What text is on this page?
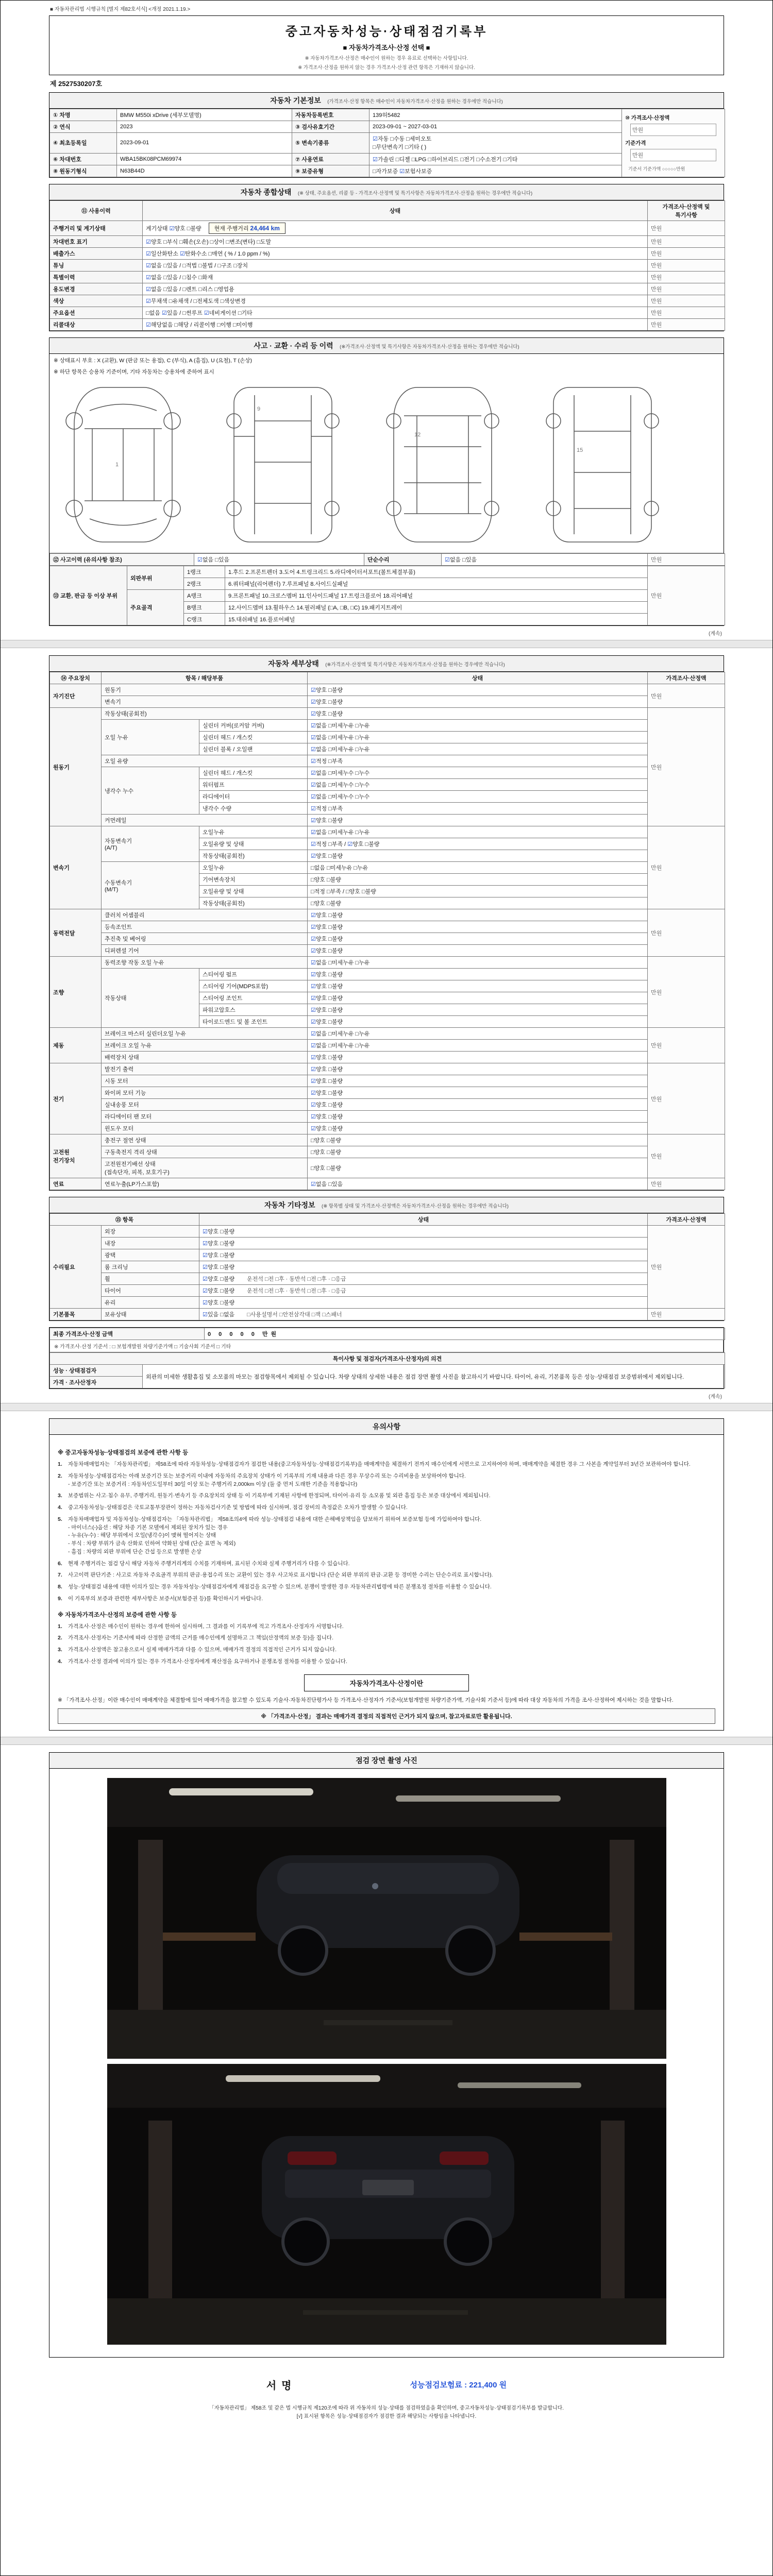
■ 자동차관리법 시행규칙 [별지 제82호서식] <개정 2021.1.19.>
중고자동차성능·상태점검기록부
■ 자동차가격조사·산정 선택 ■
※ 자동차가격조사·산정은 매수인이 원하는 경우 유료로 선택하는 사항입니다.
※ 가격조사·산정을 원하지 않는 경우 가격조사·산정 관련 항목은 기재하지 않습니다.
제 2527530207호
자동차 기본정보 (가격조사·산정 항목은 매수인이 자동차가격조사·산정을 원하는 경우에만 적습니다)
① 차명	BMW M550i xDrive (세부모델명)	자동차등록번호	139허5482	⑩ 가격조사·산정액
만원
기준가격
만원
기준서 기준가액 ○○○○○만원

② 연식	2023	③ 검사유효기간	2023-09-01 ~ 2027-03-01	
④ 최초등록일	2023-09-01	⑤ 변속기종류	☑자동 □수동 □세미오토
□무단변속기 □기타 ( )	
⑥ 차대번호	WBA15BK08PCM69974	⑦ 사용연료	☑가솔린 □디젤 □LPG □하이브리드 □전기 □수소전기 □기타	
⑧ 원동기형식	N63B44D	⑨ 보증유형	□자가보증 ☑보험사보증	
자동차 종합상태 (※ 상태, 주요옵션, 리콜 등 - 가격조사·산정액 및 특기사항은 자동차가격조사·산정을 원하는 경우에만 적습니다)
⑪ 사용이력	상태	가격조사·산정액 및 특기사항
주행거리 및 계기상태	계기상태 ☑양호 □불량 현재 주행거리 24,464 km	만원
차대번호 표기	☑양호 □부식 □훼손(오손) □상이 □변조(변타) □도말	만원
배출가스	☑일산화탄소 ☑탄화수소 □매연 ( % / 1.0 ppm / %)	만원
튜닝	☑없음 □있음 / □적법 □불법 / □구조 □장치	만원
특별이력	☑없음 □있음 / □침수 □화재	만원
용도변경	☑없음 □있음 / □렌트 □리스 □영업용	만원
색상	☑무채색 □유채색 / □전체도색 □색상변경	만원
주요옵션	□없음 ☑있음 / □썬루프 ☑네비게이션 □기타	만원
리콜대상	☑해당없음 □해당 / 리콜이행 □이행 □미이행	만원
사고 · 교환 · 수리 등 이력 (※가격조사·산정액 및 특기사항은 자동차가격조사·산정을 원하는 경우에만 적습니다)
※ 상태표시 부호 : X (교환), W (판금 또는 용접), C (부식), A (흠집), U (요철), T (손상)
※ 하단 항목은 승용차 기준이며, 기타 자동차는 승용차에 준하여 표시
1
9
12
15
⑫ 사고이력 (유의사항 참조)	☑없음 □있음	단순수리	☑없음 □있음	만원
⑬ 교환, 판금 등 이상 부위	외판부위	1랭크	1.후드 2.프론트펜더 3.도어 4.트렁크리드 5.라디에이터서포트(볼트체결부품)	만원
		2랭크	6.쿼터패널(리어펜더) 7.루프패널 8.사이드실패널	
	주요골격	A랭크	9.프론트패널 10.크로스멤버 11.인사이드패널 17.트렁크플로어 18.리어패널	
		B랭크	12.사이드멤버 13.휠하우스 14.필러패널 (□A, □B, □C) 19.패키지트레이	
		C랭크	15.대쉬패널 16.플로어패널	
(계속)
자동차 세부상태 (※가격조사·산정액 및 특기사항은 자동차가격조사·산정을 원하는 경우에만 적습니다)
⑭ 주요장치	항목 / 해당부품		상태	가격조사·산정액
자기진단	원동기		☑양호 □불량	만원
	변속기		☑양호 □불량	
원동기	작동상태(공회전)		☑양호 □불량	만원
	오일 누유	실린더 커버(로커암 커버)	☑없음 □미세누유 □누유	
		실린더 헤드 / 개스킷	☑없음 □미세누유 □누유	
		실린더 블록 / 오일팬	☑없음 □미세누유 □누유	
	오일 유량		☑적정 □부족	
	냉각수 누수	실린더 헤드 / 개스킷	☑없음 □미세누수 □누수	
		워터펌프	☑없음 □미세누수 □누수	
		라디에이터	☑없음 □미세누수 □누수	
		냉각수 수량	☑적정 □부족	
	커먼레일		☑양호 □불량	
변속기	자동변속기
(A/T)	오일누유	☑없음 □미세누유 □누유	만원
		오일유량 및 상태	☑적정 □부족 / ☑양호 □불량	
		작동상태(공회전)	☑양호 □불량	
	수동변속기
(M/T)	오일누유	□없음 □미세누유 □누유	
		기어변속장치	□양호 □불량	
		오일유량 및 상태	□적정 □부족 / □양호 □불량	
		작동상태(공회전)	□양호 □불량	
동력전달	클러치 어셈블리		☑양호 □불량	만원
	등속조인트		☑양호 □불량	
	추진축 및 베어링		☑양호 □불량	
	디퍼렌셜 기어		☑양호 □불량	
조향	동력조향 작동 오일 누유		☑없음 □미세누유 □누유	만원
	작동상태	스티어링 펌프	☑양호 □불량	
		스티어링 기어(MDPS포함)	☑양호 □불량	
		스티어링 조인트	☑양호 □불량	
		파워고압호스	☑양호 □불량	
		타이로드엔드 및 볼 조인트	☑양호 □불량	
제동	브레이크 마스터 실린더오일 누유		☑없음 □미세누유 □누유	만원
	브레이크 오일 누유		☑없음 □미세누유 □누유	
	배력장치 상태		☑양호 □불량	
전기	발전기 출력		☑양호 □불량	만원
	시동 모터		☑양호 □불량	
	와이퍼 모터 기능		☑양호 □불량	
	실내송풍 모터		☑양호 □불량	
	라디에이터 팬 모터		☑양호 □불량	
	윈도우 모터		☑양호 □불량	
고전원
전기장치	충전구 절연 상태		□양호 □불량	만원
	구동축전지 격리 상태		□양호 □불량	
	고전원전기배선 상태
(접속단자, 피복, 보호기구)		□양호 □불량	
연료	연료누출(LP가스포함)		☑없음 □있음	만원
자동차 기타정보 (※ 항목별 상태 및 가격조사·산정액은 자동차가격조사·산정을 원하는 경우에만 적습니다)
⑮ 항목		상태	가격조사·산정액
수리필요	외장	☑양호 □불량	만원
	내장	☑양호 □불량	
	광택	☑양호 □불량	
	룸 크리닝	☑양호 □불량	
	휠	☑양호 □불량 운전석 □전 □후 · 동반석 □전 □후 · □응급	
	타이어	☑양호 □불량 운전석 □전 □후 · 동반석 □전 □후 · □응급	
	유리	☑양호 □불량	
기본품목	보유상태	☑있음 □없음 □사용설명서 □안전삼각대 □잭 □스패너	만원
최종 가격조사·산정 금액	0 0 0 0 0 만원
※ 가격조사·산정 기준서 : □ 보험개발원 차량기준가액 □ 기술사회 기준서 □ 기타
특이사항 및 점검자(가격조사·산정자)의 의견
성능 · 상태점검자	외관의 미세한 생활흠집 및 소모품의 마모는 점검항목에서 제외될 수 있습니다. 차량 상태의 상세한 내용은 점검 장면 촬영 사진을 참고하시기 바랍니다. 타이어, 유리, 기본품목 등은 성능·상태점검 보증범위에서 제외됩니다.
가격 · 조사산정자
(계속)
유의사항
※ 중고자동차성능·상태점검의 보증에 관한 사항 등
1.	자동차매매업자는 「자동차관리법」 제58조에 따라 자동차성능·상태점검자가 점검한 내용(중고자동차성능·상태점검기록부)을 매매계약을 체결하기 전까지 매수인에게 서면으로 고지하여야 하며, 매매계약을 체결한 경우 그 사본을 계약일부터 3년간 보관하여야 합니다.
2.	자동차성능·상태점검자는 아래 보증기간 또는 보증거리 이내에 자동차의 주요장치 상태가 이 기록부의 기재 내용과 다른 경우 무상수리 또는 수리비용을 보상하여야 합니다.
- 보증기간 또는 보증거리 : 자동차인도일부터 30일 이상 또는 주행거리 2,000km 이상 (둘 중 먼저 도래한 기준을 적용합니다)
3.	보증범위는 사고·침수 유무, 주행거리, 원동기·변속기 등 주요장치의 상태 등 이 기록부에 기재된 사항에 한정되며, 타이어·유리 등 소모품 및 외관 흠집 등은 보증 대상에서 제외됩니다.
4.	중고자동차성능·상태점검은 국토교통부장관이 정하는 자동차검사기준 및 방법에 따라 실시하며, 점검 장비의 측정값은 오차가 발생할 수 있습니다.
5.	자동차매매업자 및 자동차성능·상태점검자는 「자동차관리법」 제58조의4에 따라 성능·상태점검 내용에 대한 손해배상책임을 담보하기 위하여 보증보험 등에 가입하여야 합니다.
- 마이너스(-)옵션 : 해당 차종 기본 모델에서 제외된 장치가 있는 경우
- 누유(누수) : 해당 부위에서 오일(냉각수)이 맺혀 떨어지는 상태
- 부식 : 차량 부위가 금속 산화로 인하여 약화된 상태 (단순 표면 녹 제외)
- 흠집 : 차량의 외판 부위에 단순 간섭 등으로 발생한 손상
6.	현재 주행거리는 점검 당시 해당 자동차 주행거리계의 수치를 기재하며, 표시된 수치와 실제 주행거리가 다를 수 있습니다.
7.	사고이력 판단기준 : 사고로 자동차 주요골격 부위의 판금·용접수리 또는 교환이 있는 경우 사고차로 표시합니다 (단순 외판 부위의 판금·교환 등 경미한 수리는 단순수리로 표시합니다).
8.	성능·상태점검 내용에 대한 이의가 있는 경우 자동차성능·상태점검자에게 재점검을 요구할 수 있으며, 분쟁이 발생한 경우 자동차관리법령에 따른 분쟁조정 절차를 이용할 수 있습니다.
9.	이 기록부의 보증과 관련한 세부사항은 보증서(보험증권 등)를 확인하시기 바랍니다.
※ 자동차가격조사·산정의 보증에 관한 사항 등
1.	가격조사·산정은 매수인이 원하는 경우에 한하여 실시하며, 그 결과를 이 기록부에 적고 가격조사·산정자가 서명합니다.
2.	가격조사·산정자는 기준서에 따라 산정한 금액의 근거를 매수인에게 설명하고 그 책임(산정액의 보증 등)을 집니다.
3.	가격조사·산정액은 참고용으로서 실제 매매가격과 다를 수 있으며, 매매가격 결정의 직접적인 근거가 되지 않습니다.
4.	가격조사·산정 결과에 이의가 있는 경우 가격조사·산정자에게 재산정을 요구하거나 분쟁조정 절차를 이용할 수 있습니다.
자동차가격조사·산정이란
※ 「가격조사·산정」이란 매수인이 매매계약을 체결함에 있어 매매가격을 참고할 수 있도록 기술사·자동차진단평가사 등 가격조사·산정자가 기준서(보험개발원 차량기준가액, 기술사회 기준서 등)에 따라 대상 자동차의 가격을 조사·산정하여 제시하는 것을 말합니다.
※ 「가격조사·산정」 결과는 매매가격 결정의 직접적인 근거가 되지 않으며, 참고자료로만 활용됩니다.
점검 장면 촬영 사진
서명	성능점검보험료 : 221,400 원
「자동차관리법」 제58조 및 같은 법 시행규칙 제120조에 따라 위 자동차의 성능·상태를 점검하였음을 확인하며, 중고자동차성능·상태점검기록부를 발급합니다.
[√] 표시된 항목은 성능·상태점검자가 점검한 결과 해당되는 사항임을 나타냅니다.
